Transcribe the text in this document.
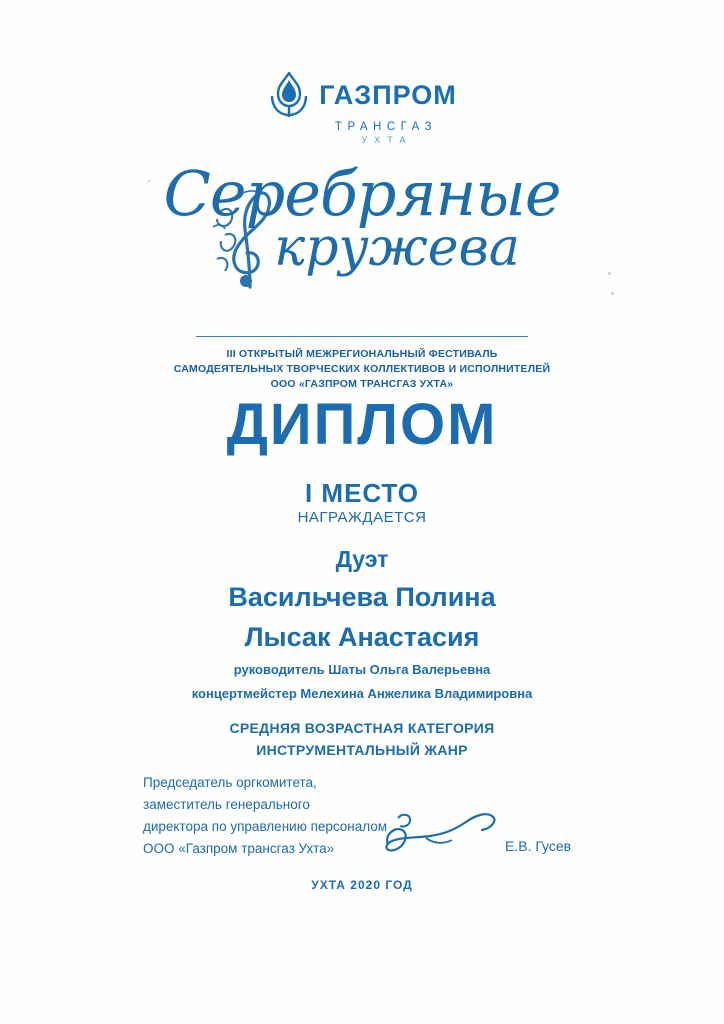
ГАЗПРОМ
ТРАНСГАЗ
УХТА
Серебряные
кружева
III ОТКРЫТЫЙ МЕЖРЕГИОНАЛЬНЫЙ ФЕСТИВАЛЬ
САМОДЕЯТЕЛЬНЫХ ТВОРЧЕСКИХ КОЛЛЕКТИВОВ И ИСПОЛНИТЕЛЕЙ
ООО «ГАЗПРОМ ТРАНСГАЗ УХТА»
ДИПЛОМ
I МЕСТО
НАГРАЖДАЕТСЯ
Дуэт
Васильчева Полина
Лысак Анастасия
руководитель Шаты Ольга Валерьевна
концертмейстер Мелехина Анжелика Владимировна
СРЕДНЯЯ ВОЗРАСТНАЯ КАТЕГОРИЯ
ИНСТРУМЕНТАЛЬНЫЙ ЖАНР
Председатель оргкомитета,
заместитель генерального
директора по управлению персоналом
ООО «Газпром трансгаз Ухта»	Е.В. Гусев
УХТА 2020 ГОД
